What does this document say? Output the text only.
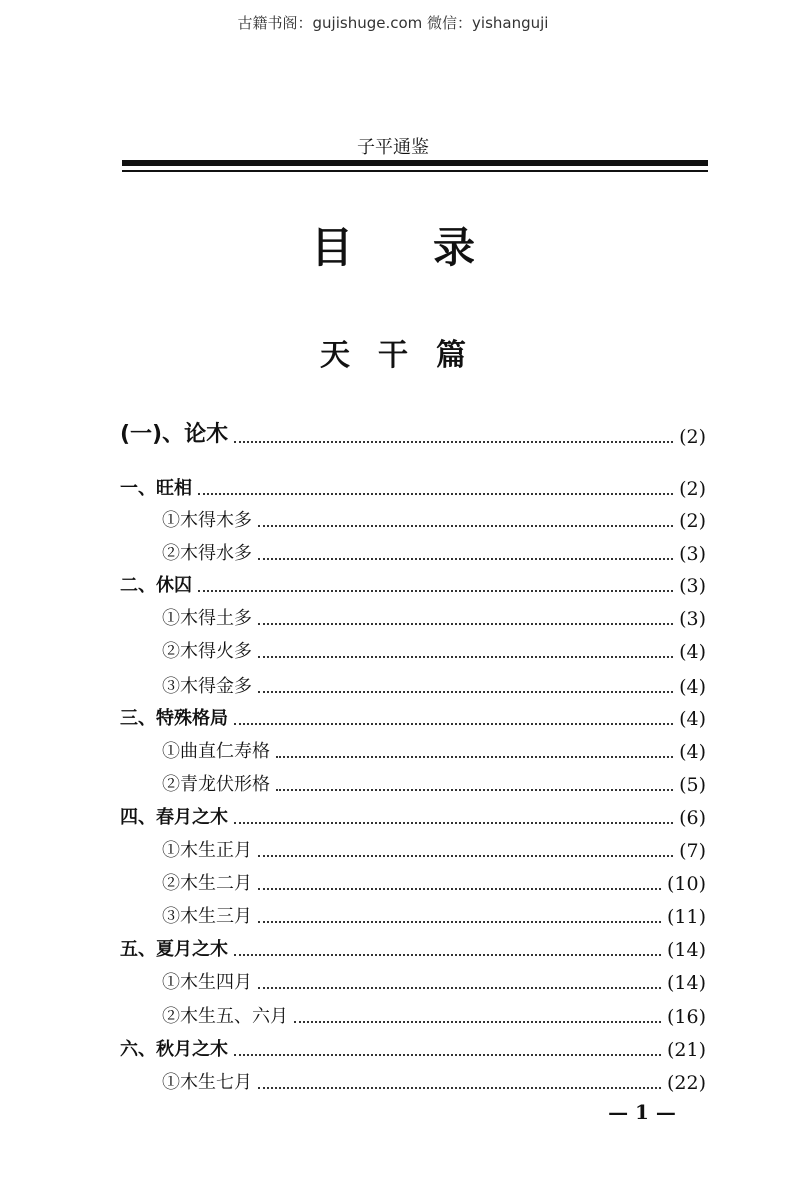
古籍书阁：gujishuge.com 微信：yishanguji
子平通鉴
目录
天干篇
(一)、论木	(2)
一、旺相	(2)
①木得木多	(2)
②木得水多	(3)
二、休囚	(3)
①木得土多	(3)
②木得火多	(4)
③木得金多	(4)
三、特殊格局	(4)
①曲直仁寿格	(4)
②青龙伏形格	(5)
四、春月之木	(6)
①木生正月	(7)
②木生二月	(10)
③木生三月	(11)
五、夏月之木	(14)
①木生四月	(14)
②木生五、六月	(16)
六、秋月之木	(21)
①木生七月	(22)
— 1 —
